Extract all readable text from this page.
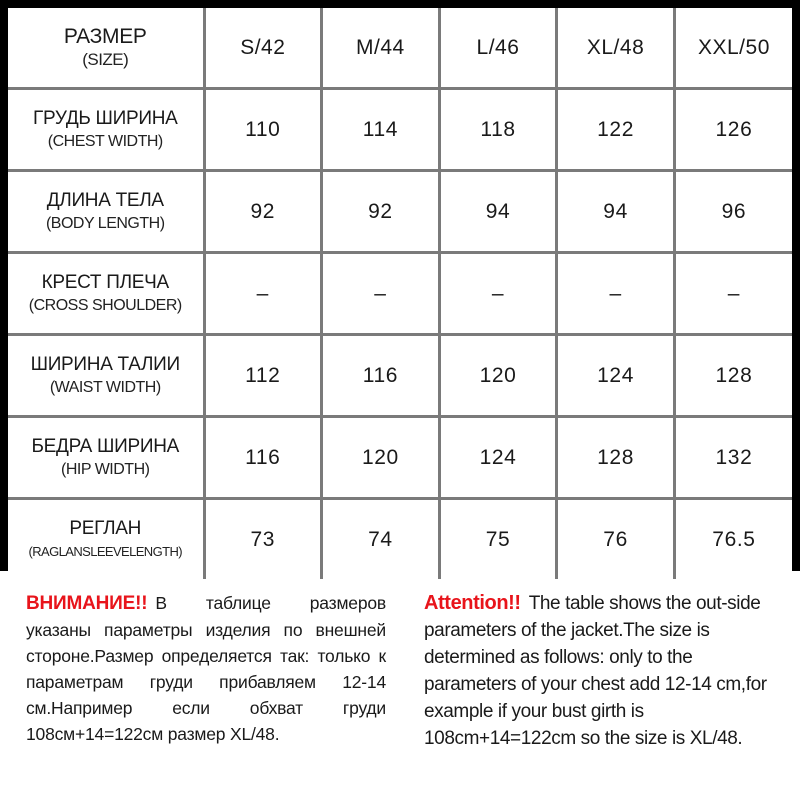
РАЗМЕР
(SIZE)	S/42	M/44	L/46	XL/48	XXL/50

ГРУДЬ ШИРИНА
(CHEST WIDTH)	110	114	118	122	126

ДЛИНА ТЕЛА
(BODY LENGTH)	92	92	94	94	96

КРЕСТ ПЛЕЧА
(CROSS SHOULDER)	–	–	–	–	–

ШИРИНА ТАЛИИ
(WAIST WIDTH)	112	116	120	124	128

БЕДРА ШИРИНА
(HIP WIDTH)	116	120	124	128	132

РЕГЛАН
(RAGLANSLEEVELENGTH)	73	74	75	76	76.5
ВНИМАНИЕ!! В таблице размеров указаны параметры изделия по внешней стороне.Размер определяется так: только к параметрам груди прибавляем 12-14 см.Например если обхват груди 108см+14=122см размер XL/48.
Attention!! The table shows the out-side parameters of the jacket.The size is determined as follows: only to the parameters of your chest add 12-14 cm,for example if your bust girth is 108cm+14=122cm so the size is XL/48.
